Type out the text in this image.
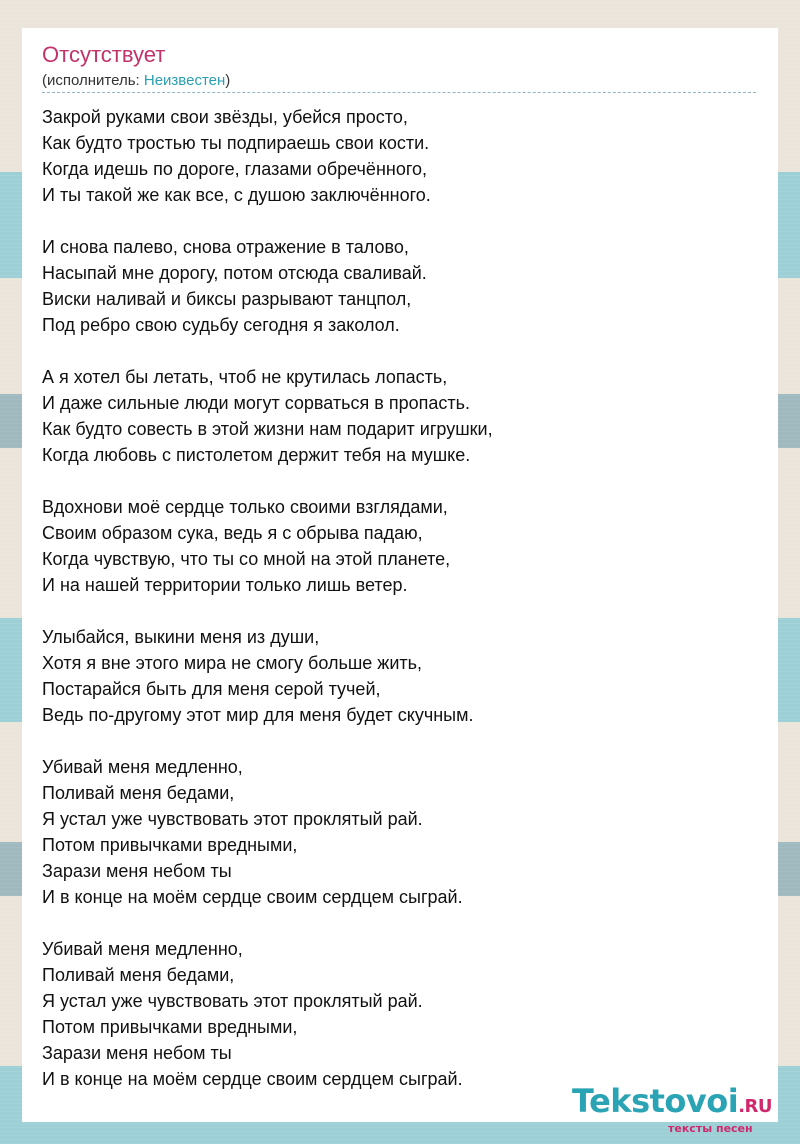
Отсутствует
(исполнитель: Неизвестен)
Закрой руками свои звёзды, убейся просто,
Как будто тростью ты подпираешь свои кости.
Когда идешь по дороге, глазами обречённого,
И ты такой же как все, с душою заключённого.
И снова палево, снова отражение в талово,
Насыпай мне дорогу, потом отсюда сваливай.
Виски наливай и биксы разрывают танцпол,
Под ребро свою судьбу сегодня я заколол.
А я хотел бы летать, чтоб не крутилась лопасть,
И даже сильные люди могут сорваться в пропасть.
Как будто совесть в этой жизни нам подарит игрушки,
Когда любовь с пистолетом держит тебя на мушке.
Вдохнови моё сердце только своими взглядами,
Своим образом сука, ведь я с обрыва падаю,
Когда чувствую, что ты со мной на этой планете,
И на нашей территории только лишь ветер.
Улыбайся, выкини меня из души,
Хотя я вне этого мира не смогу больше жить,
Постарайся быть для меня серой тучей,
Ведь по-другому этот мир для меня будет скучным.
Убивай меня медленно,
Поливай меня бедами,
Я устал уже чувствовать этот проклятый рай.
Потом привычками вредными,
Зарази меня небом ты
И в конце на моём сердце своим сердцем сыграй.
Убивай меня медленно,
Поливай меня бедами,
Я устал уже чувствовать этот проклятый рай.
Потом привычками вредными,
Зарази меня небом ты
И в конце на моём сердце своим сердцем сыграй.
Tekstovoi.RU
тексты песен
